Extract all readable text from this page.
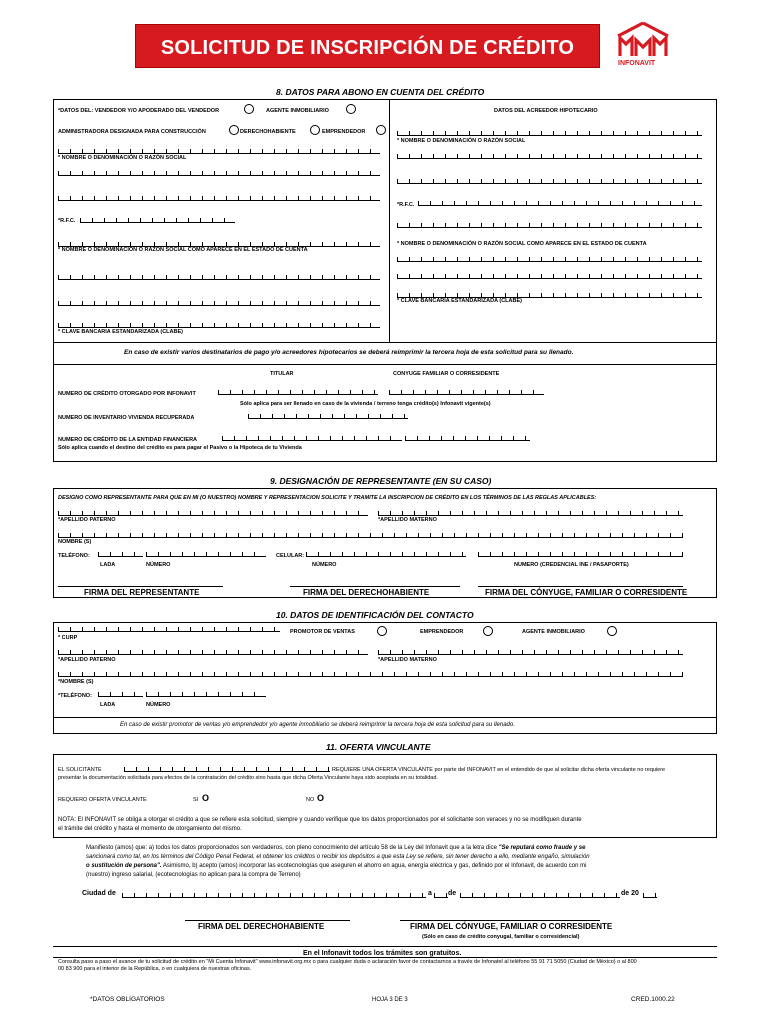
SOLICITUD DE INSCRIPCIÓN DE CRÉDITO
INFONAVIT
8. DATOS PARA ABONO EN CUENTA DEL CRÉDITO
*DATOS DEL: VENDEDOR Y/O APODERADO DEL VENDEDOR	AGENTE INMOBILIARIO
ADMINISTRADORA DESIGNADA PARA CONSTRUCCIÓN	DERECHOHABIENTE	EMPRENDEDOR
* NOMBRE O DENOMINACIÓN O RAZÓN SOCIAL
*R.F.C.
* NOMBRE O DENOMINACIÓN O RAZÓN SOCIAL COMO APARECE EN EL ESTADO DE CUENTA
* CLAVE BANCARIA ESTANDARIZADA (CLABE)
DATOS DEL ACREEDOR HIPOTECARIO
* NOMBRE O DENOMINACIÓN O RAZÓN SOCIAL
*R.F.C.
* NOMBRE O DENOMINACIÓN O RAZÓN SOCIAL COMO APARECE EN EL ESTADO DE CUENTA
* CLAVE BANCARIA ESTANDARIZADA (CLABE)
En caso de existir varios destinatarios de pago y/o acreedores hipotecarios se deberá reimprimir la tercera hoja de esta solicitud para su llenado.
TITULAR	CONYUGE FAMILIAR O CORRESIDENTE
NUMERO DE CRÉDITO OTORGADO POR INFONAVIT
Sólo aplica para ser llenado en caso de la vivienda / terreno tenga crédito(s) Infonavit vigente(s)
NUMERO DE INVENTARIO VIVIENDA RECUPERADA
NUMERO DE CRÉDITO DE LA ENTIDAD FINANCIERA
Sólo aplica cuando el destino del crédito es para pagar el Pasivo o la Hipoteca de tu Vivienda
9. DESIGNACIÓN DE REPRESENTANTE (EN SU CASO)
DESIGNO COMO REPRESENTANTE PARA QUE EN MI (O NUESTRO) NOMBRE Y REPRESENTACION SOLICITE Y TRAMITE LA INSCRIPCION DE CRÉDITO EN LOS TÉRMINOS DE LAS REGLAS APLICABLES:
*APELLIDO PATERNO	*APELLIDO MATERNO
NOMBRE (S)
TELÉFONO:	CELULAR:
LADA	NÚMERO	NÚMERO	NUMERO (CREDENCIAL INE / PASAPORTE)
FIRMA DEL REPRESENTANTE	FIRMA DEL DERECHOHABIENTE	FIRMA DEL CÓNYUGE, FAMILIAR O CORRESIDENTE
10. DATOS DE IDENTIFICACIÓN DEL CONTACTO
* CURP
PROMOTOR DE VENTAS	EMPRENDEDOR	AGENTE INMOBILIARIO
*APELLIDO PATERNO	*APELLIDO MATERNO
*NOMBRE (S)
*TELÉFONO:
LADA	NÚMERO
En caso de existir promotor de ventas y/o emprendedor y/o agente inmobiliario se deberá reimprimir la tercera hoja de esta solicitud para su llenado.
11. OFERTA VINCULANTE
EL SOLICITANTE	REQUIERE UNA OFERTA VINCULANTE por parte del INFONAVIT en el entendido de que al solicitar dicha oferta vinculante no requiere
presentar la documentación solicitada para efectos de la contratación del crédito sino hasta que dicha Oferta Vinculante haya sido aceptada en su totalidad.
REQUIERO OFERTA VINCULANTE	SI O	NO O
NOTA: El INFONAVIT se obliga a otorgar el crédito a que se refiere esta solicitud, siempre y cuando verifique que los datos proporcionados por el solicitante son veraces y no se modifiquen durante
el trámite del crédito y hasta el momento de otorgamiento del mismo.
Manifiesto (amos) que: a) todos los datos proporcionados son verdaderos, con pleno conocimiento del artículo 58 de la Ley del Infonavit que a la letra dice "Se reputará como fraude y se
sancionará como tal, en los términos del Código Penal Federal, el obtener los créditos o recibir los depósitos a que esta Ley se refiere, sin tener derecho a ello, mediante engaño, simulación
o sustitución de persona". Asimismo, b) acepto (amos) incorporar las ecotecnologías que aseguren el ahorro en agua, energía eléctrica y gas, definido por el Infonavit, de acuerdo con mi
(nuestro) ingreso salarial, (ecotecnologías no aplican para la compra de Terreno)
Ciudad de	a de	de 20
FIRMA DEL DERECHOHABIENTE	FIRMA DEL CÓNYUGE, FAMILIAR O CORRESIDENTE
(Sólo en caso de crédito conyugal, familiar o corresidencial)
En el Infonavit todos los trámites son gratuitos.
Consulta paso a paso el avance de tu solicitud de crédito en "Mi Cuenta Infonavit" www.infonavit.org.mx o para cualquier duda o aclaración favor de contactarnos a través de Infonatel al teléfono 55 91 71 5050 (Ciudad de México) o al 800
00 83 900 para el interior de la República, o en cualquiera de nuestras oficinas.
*DATOS OBLIGATORIOS	HOJA 3 DE 3	CRED.1000.22
